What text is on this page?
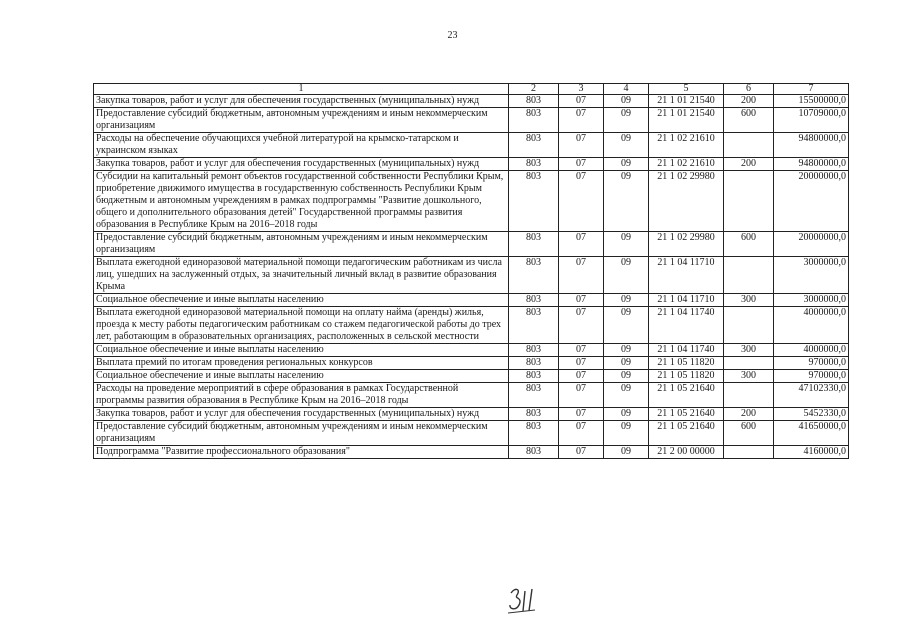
23
1	2	3	4	5	6	7
Закупка товаров, работ и услуг для обеспечения государственных (муниципальных) нужд	803	07	09	21 1 01 21540	200	15500000,0
Предоставление субсидий бюджетным, автономным учреждениям и иным некоммерческим организациям	803	07	09	21 1 01 21540	600	10709000,0
Расходы на обеспечение обучающихся учебной литературой на крымско-татарском и украинском языках	803	07	09	21 1 02 21610		94800000,0
Закупка товаров, работ и услуг для обеспечения государственных (муниципальных) нужд	803	07	09	21 1 02 21610	200	94800000,0
Субсидии на капитальный ремонт объектов государственной собственности Республики Крым, приобретение движимого имущества в государственную собственность Республики Крым бюджетным и автономным учреждениям в рамках подпрограммы "Развитие дошкольного, общего и дополнительного образования детей" Государственной программы развития образования в Республике Крым на 2016–2018 годы	803	07	09	21 1 02 29980		20000000,0
Предоставление субсидий бюджетным, автономным учреждениям и иным некоммерческим организациям	803	07	09	21 1 02 29980	600	20000000,0
Выплата ежегодной единоразовой материальной помощи педагогическим работникам из числа лиц, ушедших на заслуженный отдых, за значительный личный вклад в развитие образования Крыма	803	07	09	21 1 04 11710		3000000,0
Социальное обеспечение и иные выплаты населению	803	07	09	21 1 04 11710	300	3000000,0
Выплата ежегодной единоразовой материальной помощи на оплату найма (аренды) жилья, проезда к месту работы педагогическим работникам со стажем педагогической работы до трех лет, работающим в образовательных организациях, расположенных в сельской местности	803	07	09	21 1 04 11740		4000000,0
Социальное обеспечение и иные выплаты населению	803	07	09	21 1 04 11740	300	4000000,0
Выплата премий по итогам проведения региональных конкурсов	803	07	09	21 1 05 11820		970000,0
Социальное обеспечение и иные выплаты населению	803	07	09	21 1 05 11820	300	970000,0
Расходы на проведение мероприятий в сфере образования в рамках Государственной программы развития образования в Республике Крым на 2016–2018 годы	803	07	09	21 1 05 21640		47102330,0
Закупка товаров, работ и услуг для обеспечения государственных (муниципальных) нужд	803	07	09	21 1 05 21640	200	5452330,0
Предоставление субсидий бюджетным, автономным учреждениям и иным некоммерческим организациям	803	07	09	21 1 05 21640	600	41650000,0
Подпрограмма "Развитие профессионального образования"	803	07	09	21 2 00 00000		4160000,0
